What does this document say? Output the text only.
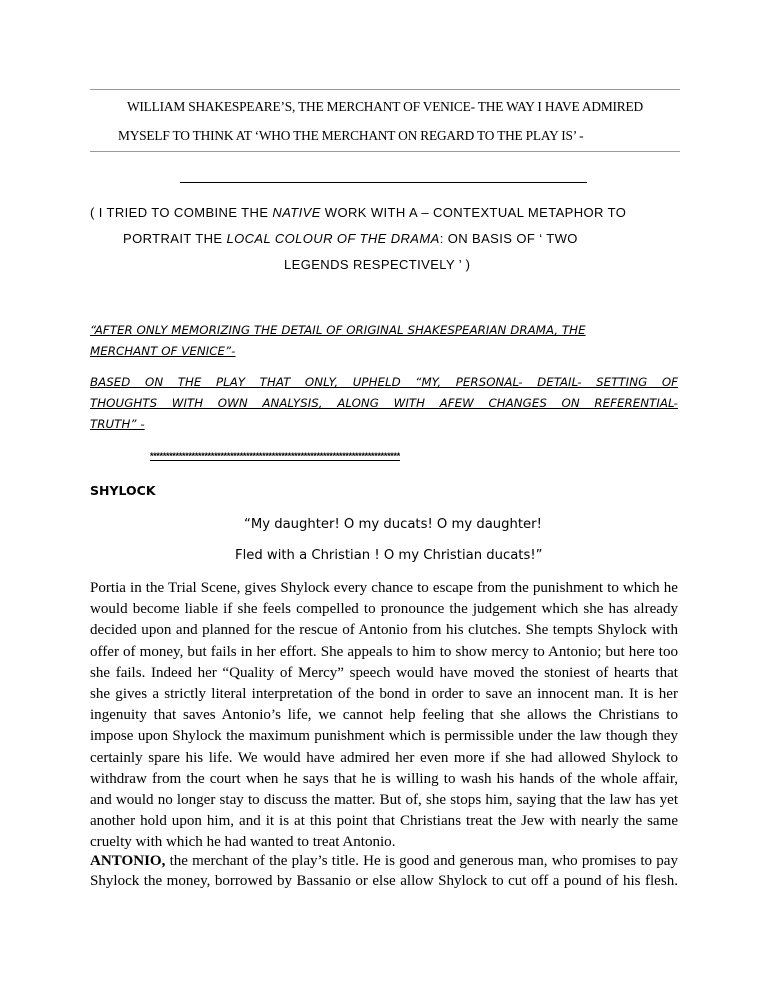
WILLIAM SHAKESPEARE’S, THE MERCHANT OF VENICE- THE WAY I HAVE ADMIRED
MYSELF TO THINK AT ‘WHO THE MERCHANT ON REGARD TO THE PLAY IS’ -
( I TRIED TO COMBINE THE NATIVE WORK WITH A – CONTEXTUAL METAPHOR TO
PORTRAIT THE LOCAL COLOUR OF THE DRAMA: ON BASIS OF ‘ TWO
LEGENDS RESPECTIVELY ’ )
“AFTER ONLY MEMORIZING THE DETAIL OF ORIGINAL SHAKESPEARIAN DRAMA, THE
MERCHANT OF VENICE”-
BASED ON THE PLAY THAT ONLY, UPHELD “MY, PERSONAL- DETAIL- SETTING OF
THOUGHTS WITH OWN ANALYSIS, ALONG WITH AFEW CHANGES ON REFERENTIAL-
TRUTH” -
******************************************************************************
SHYLOCK
“My daughter! O my ducats! O my daughter!
Fled with a Christian ! O my Christian ducats!”
Portia in the Trial Scene, gives Shylock every chance to escape from the punishment to which he
would become liable if she feels compelled to pronounce the judgement which she has already
decided upon and planned for the rescue of Antonio from his clutches. She tempts Shylock with
offer of money, but fails in her effort. She appeals to him to show mercy to Antonio; but here too
she fails. Indeed her “Quality of Mercy” speech would have moved the stoniest of hearts that
she gives a strictly literal interpretation of the bond in order to save an innocent man. It is her
ingenuity that saves Antonio’s life, we cannot help feeling that she allows the Christians to
impose upon Shylock the maximum punishment which is permissible under the law though they
certainly spare his life. We would have admired her even more if she had allowed Shylock to
withdraw from the court when he says that he is willing to wash his hands of the whole affair,
and would no longer stay to discuss the matter. But of, she stops him, saying that the law has yet
another hold upon him, and it is at this point that Christians treat the Jew with nearly the same
cruelty with which he had wanted to treat Antonio.
ANTONIO, the merchant of the play’s title. He is good and generous man, who promises to pay
Shylock the money, borrowed by Bassanio or else allow Shylock to cut off a pound of his flesh.
